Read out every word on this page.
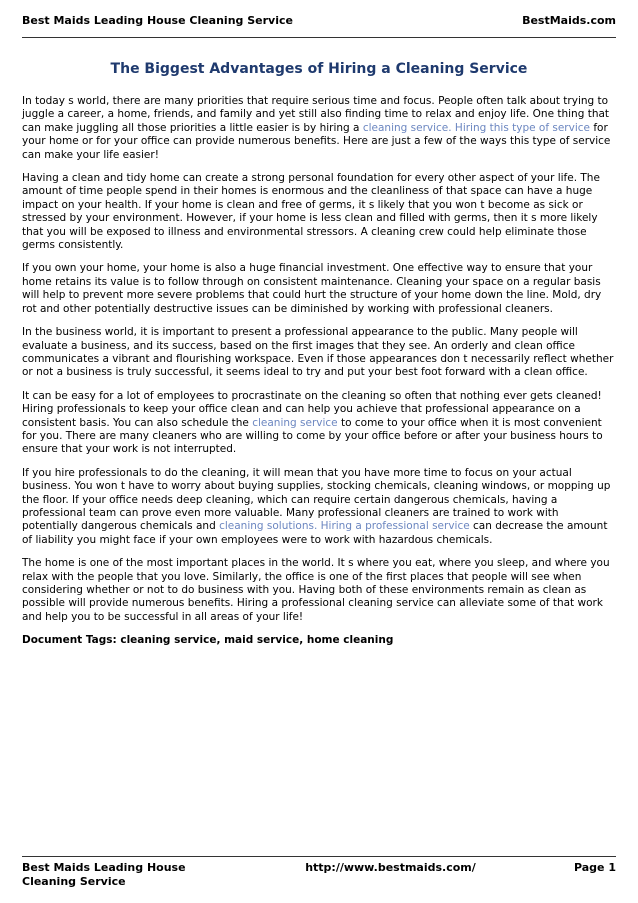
Best Maids Leading House Cleaning Service	BestMaids.com
The Biggest Advantages of Hiring a Cleaning Service

In today s world, there are many priorities that require serious time and focus. People often talk about trying to juggle a career, a home, friends, and family and yet still also finding time to relax and enjoy life. One thing that can make juggling all those priorities a little easier is by hiring a cleaning service. Hiring this type of service for your home or for your office can provide numerous benefits. Here are just a few of the ways this type of service can make your life easier!

Having a clean and tidy home can create a strong personal foundation for every other aspect of your life. The amount of time people spend in their homes is enormous and the cleanliness of that space can have a huge impact on your health. If your home is clean and free of germs, it s likely that you won t become as sick or stressed by your environment. However, if your home is less clean and filled with germs, then it s more likely that you will be exposed to illness and environmental stressors. A cleaning crew could help eliminate those germs consistently.

If you own your home, your home is also a huge financial investment. One effective way to ensure that your home retains its value is to follow through on consistent maintenance. Cleaning your space on a regular basis will help to prevent more severe problems that could hurt the structure of your home down the line. Mold, dry rot and other potentially destructive issues can be diminished by working with professional cleaners.

In the business world, it is important to present a professional appearance to the public. Many people will evaluate a business, and its success, based on the first images that they see. An orderly and clean office communicates a vibrant and flourishing workspace. Even if those appearances don t necessarily reflect whether or not a business is truly successful, it seems ideal to try and put your best foot forward with a clean office.

It can be easy for a lot of employees to procrastinate on the cleaning so often that nothing ever gets cleaned! Hiring professionals to keep your office clean and can help you achieve that professional appearance on a consistent basis. You can also schedule the cleaning service to come to your office when it is most convenient for you. There are many cleaners who are willing to come by your office before or after your business hours to ensure that your work is not interrupted.

If you hire professionals to do the cleaning, it will mean that you have more time to focus on your actual business. You won t have to worry about buying supplies, stocking chemicals, cleaning windows, or mopping up the floor. If your office needs deep cleaning, which can require certain dangerous chemicals, having a professional team can prove even more valuable. Many professional cleaners are trained to work with potentially dangerous chemicals and cleaning solutions. Hiring a professional service can decrease the amount of liability you might face if your own employees were to work with hazardous chemicals.

The home is one of the most important places in the world. It s where you eat, where you sleep, and where you relax with the people that you love. Similarly, the office is one of the first places that people will see when considering whether or not to do business with you. Having both of these environments remain as clean as possible will provide numerous benefits. Hiring a professional cleaning service can alleviate some of that work and help you to be successful in all areas of your life!

Document Tags: cleaning service, maid service, home cleaning

Best Maids Leading House Cleaning Service
http://www.bestmaids.com/	Page 1
